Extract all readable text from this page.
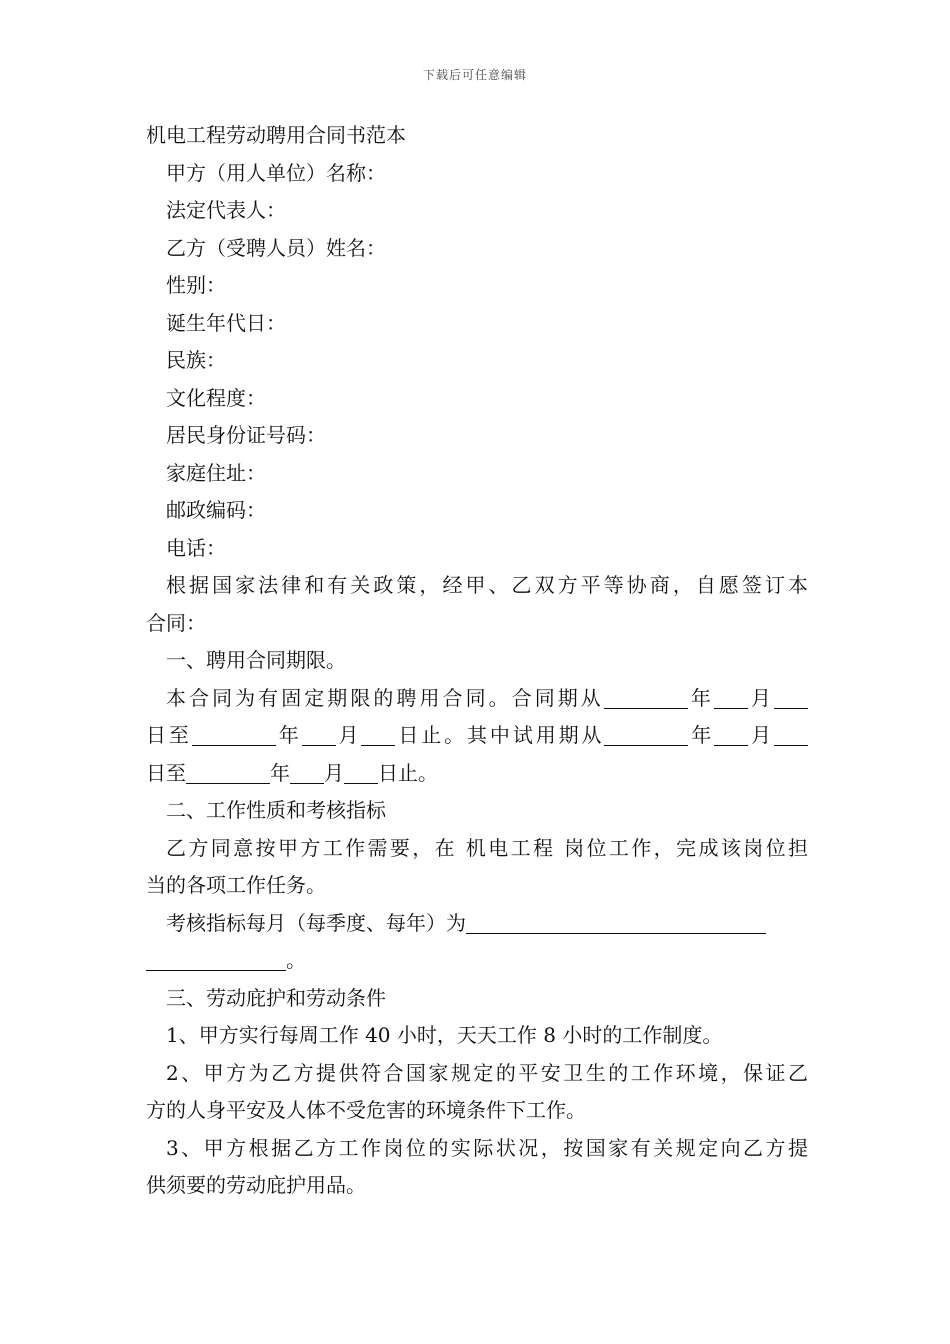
下载后可任意编辑

机电工程劳动聘用合同书范本

甲方（用人单位）名称：

法定代表人：

乙方（受聘人员）姓名：

性别：

诞生年代日：

民族：

文化程度：

居民身份证号码：

家庭住址：

邮政编码：

电话：

根据国家法律和有关政策，经甲、乙双方平等协商，自愿签订本

合同：

一、聘用合同期限。

本合同为有固定期限的聘用合同。合同期从	年 月

日至	年 月 日止。其中试用期从	年 月

日至	年 月 日止。

二、工作性质和考核指标

乙方同意按甲方工作需要，在 机电工程 岗位工作，完成该岗位担

当的各项工作任务。

考核指标每月（每季度、每年）为

。

三、劳动庇护和劳动条件

1、甲方实行每周工作 40 小时，天天工作 8 小时的工作制度。

2、甲方为乙方提供符合国家规定的平安卫生的工作环境，保证乙

方的人身平安及人体不受危害的环境条件下工作。

3、甲方根据乙方工作岗位的实际状况，按国家有关规定向乙方提

供须要的劳动庇护用品。
